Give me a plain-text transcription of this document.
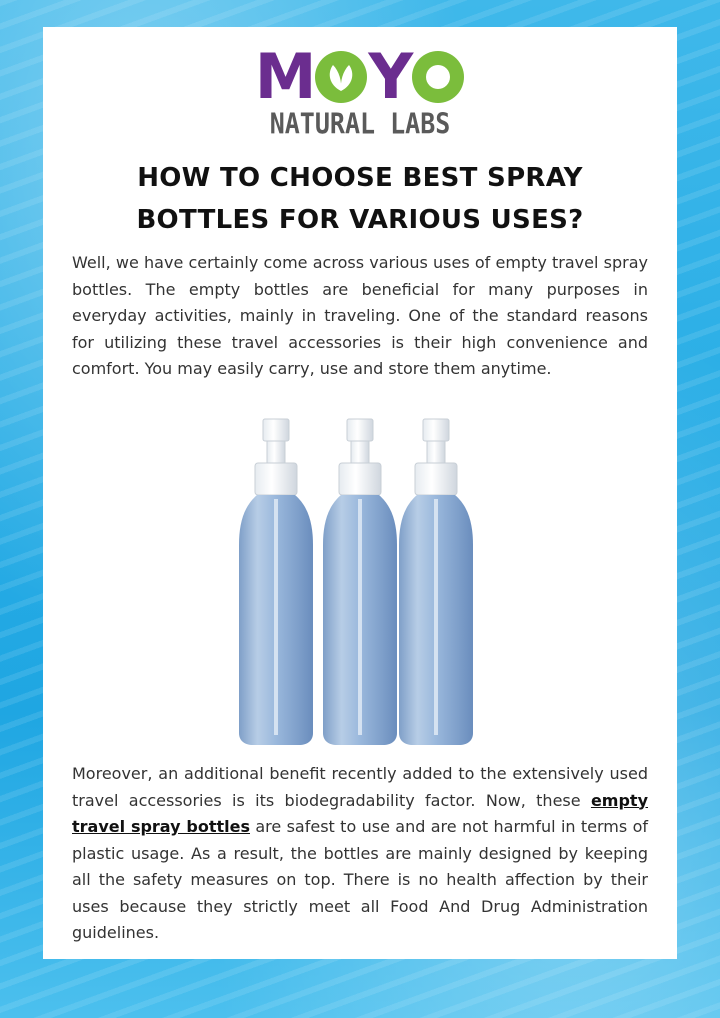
M Y
NATURAL LABS
HOW TO CHOOSE BEST SPRAY
BOTTLES FOR VARIOUS USES?
Well, we have certainly come across various uses of empty travel spray bottles. The empty bottles are beneficial for many purposes in everyday activities, mainly in traveling. One of the standard reasons for utilizing these travel accessories is their high convenience and comfort. You may easily carry, use and store them anytime.
Moreover, an additional benefit recently added to the extensively used travel accessories is its biodegradability factor. Now, these empty travel spray bottles are safest to use and are not harmful in terms of plastic usage. As a result, the bottles are mainly designed by keeping all the safety measures on top. There is no health affection by their uses because they strictly meet all Food And Drug Administration guidelines.
